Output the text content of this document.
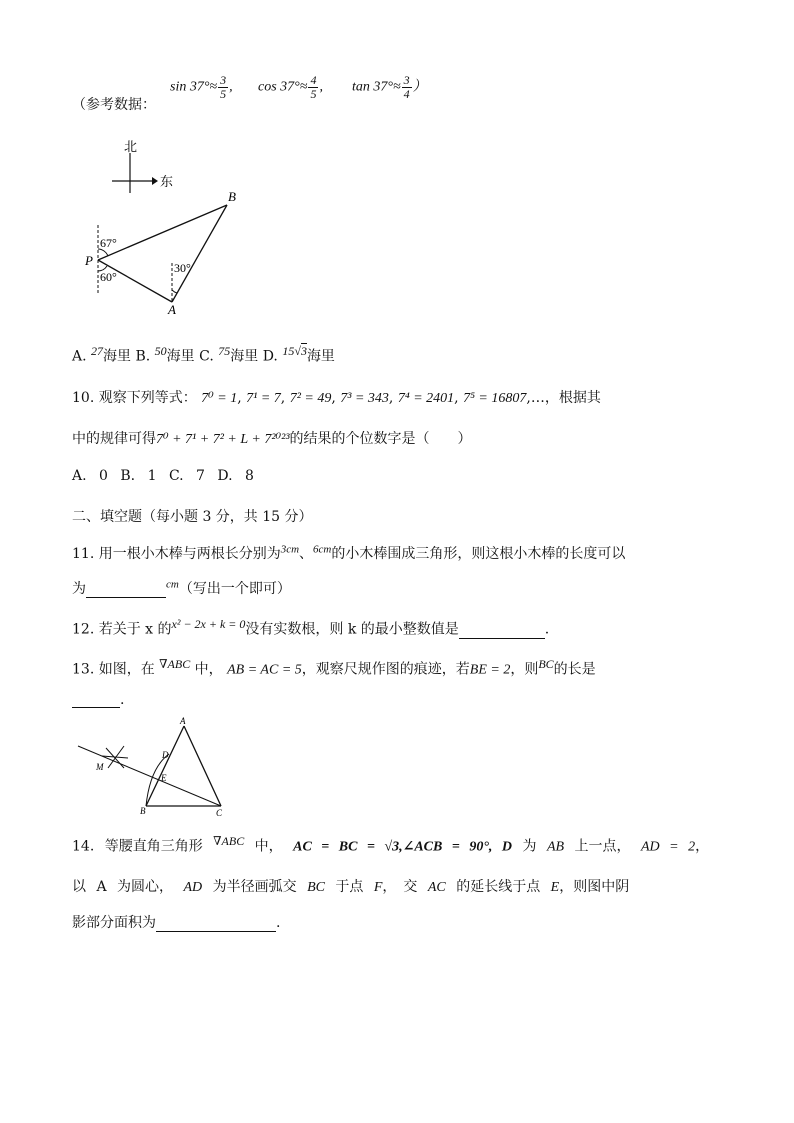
（参考数据：
$\sin 37^\circ\approx \frac{3}{5}$ , $\cos 37^\circ\approx \frac{4}{5}$ , $\tan 37^\circ\approx \frac{3}{4}$ ）
北
东
B
P
A
67°
60°
30°
A. $^{27}$海里 B. $^{50}$海里 C. $^{75}$海里 D. $^{15√3}$海里
10. 观察下列等式： 7⁰ = 1, 7¹ = 7, 7² = 49, 7³ = 343, 7⁴ = 2401, 7⁵ = 16807,…，根据其
中的规律可得7⁰ + 7¹ + 7² + L + 7²⁰²³的结果的个位数字是（　　）
A. 0 B. 1 C. 7 D. 8
二、填空题（每小题 3 分，共 15 分）
11. 用一根小木棒与两根长分别为$^{3cm}$、$^{6cm}$的小木棒围成三角形，则这根小木棒的长度可以
为	$^{cm}$（写出一个即可）
12. 若关于 x 的$^{x^2 - 2x + k = 0}$没有实数根，则 k 的最小整数值是	.
13. 如图，在 $^{\nabla ABC}$ 中， AB = AC = 5，观察尺规作图的痕迹，若BE = 2，则$^{BC}$的长是
.
A
B	C
D
E
M
14. 等腰直角三角形 $^{\nabla ABC}$ 中， AC = BC = √3,∠ACB = 90°, D 为 AB 上一点， AD = 2，
以 A 为圆心， AD 为半径画弧交 BC 于点 F，　交 AC 的延长线于点 E，则图中阴
影部分面积为	.
